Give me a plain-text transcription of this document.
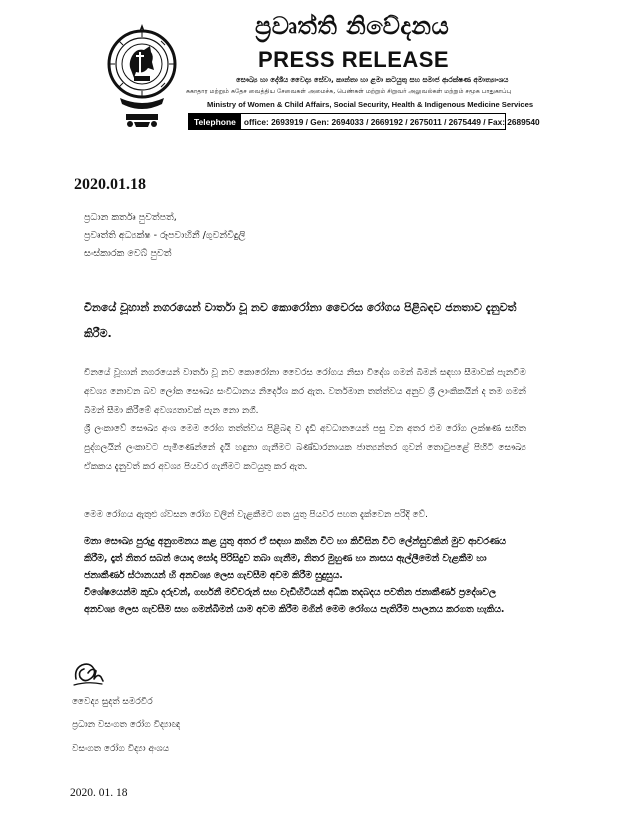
ප්‍රවෘත්ති නිවේදනය
PRESS RELEASE
සෞඛ්‍ය හා දේශීය වෛද්‍ය සේවා, කාන්තා හා ළමා කටයුතු සහ සමාජ ආරක්ෂණ අමාත්‍යාංශය
சுகாதார மற்றும் சுதேச வைத்திய சேவைகள் அமைச்சு, பெண்கள் மற்றும் சிறுவர் அலுவல்கள் மற்றும் சமூக பாதுகாப்பு
Ministry of Women & Child Affairs, Social Security, Health & Indigenous Medicine Services
Telephone office: 2693919 / Gen: 2694033 / 2669192 / 2675011 / 2675449 / Fax: 2689540
2020.01.18
ප්‍රධාන කර්තෘ පුවත්පත්,
ප්‍රවෘත්ති අධ්‍යක්ෂ - රූපවාහිනී /ගුවන්විදුලි
සංස්කාරක වෙබ් පුවත්
චීනයේ වූහාන් නගරයෙන් වාර්තා වූ නව කොරෝනා වෛරස රෝගය පිළිබඳව ජනතාව දැනුවත් කිරීම.
චීනයේ වූහාන් නගරයෙන් වාර්තා වූ නව කොරෝනා වෛරස රෝගය නිසා විදේශ ගමන් බිමන් සඳහා සීමාවක් පැනවීම අවශ්‍ය නොවන බව ලෝක සෞඛ්‍ය සංවිධානය නිර්දේශ කර ඇත. වර්තමාන තත්ත්වය අනුව ශ්‍රී ලාංකිකයින් ද තම ගමන් බිමන් සීමා කිරීමේ අවශ්‍යතාවක් පැන නො නගී.
ශ්‍රී ලංකාවේ සෞඛ්‍ය අංශ මෙම රෝග තත්ත්වය පිළිබඳ ව දැඩි අවධානයෙන් පසු වන අතර එම රෝග ලක්ෂණ සහිත පුද්ගලයින් ලංකාවට පැමිණෙන්නේ දැයි හඳුනා ගැනීමට බණ්ඩාරනායක ජාත්‍යන්තර ගුවන් තොටුපළේ පිහිටි සෞඛ්‍ය ඒකකය දැනුවත් කර අවශ්‍ය පියවර ගැනීමට කටයුතු කර ඇත.
මෙම රෝගය ඇතුළු ශ්වසන රෝග වලින් වැළකීමට ගත යුතු පියවර පහත දැක්වෙන පරිදි වේ.

මනා සෞඛ්‍ය පුරුදු අනුගමනය කළ යුතු අතර ඒ සඳහා කහින විට හා කිවිසින විට ලේන්සුවකින් මුව ආවරණය කිරීම, දෑත් නිතර සබන් යොදා සෝදා පිරිසිදුව තබා ගැනීම, නිතර මුහුණ හා නාසය ඇල්ලීමෙන් වැළකීම හා ජනාකීර්ණ ස්ථානයන් හි අනවශ්‍ය ලෙස ගැවසීම අවම කිරීම සුදුසුය.

විශේෂයෙන්ම කුඩා දරුවන්, ගර්භනී මව්වරුන් සහ වැඩිහිටියන් අධික තදබදය පවතින ජනාකීර්ණ ප්‍රදේශවල අනවශ්‍ය ලෙස ගැවසීම සහ ගමන්බිමන් යාම අවම කිරීම මගින් මෙම රෝගය පැතිරීම පාලනය කරගත හැකිය.

වෛද්‍ය සුදත් සමරවීර
ප්‍රධාන වසංගත රෝග විද්‍යාඥ
වසංගත රෝග විද්‍යා අංශය
2020. 01. 18
